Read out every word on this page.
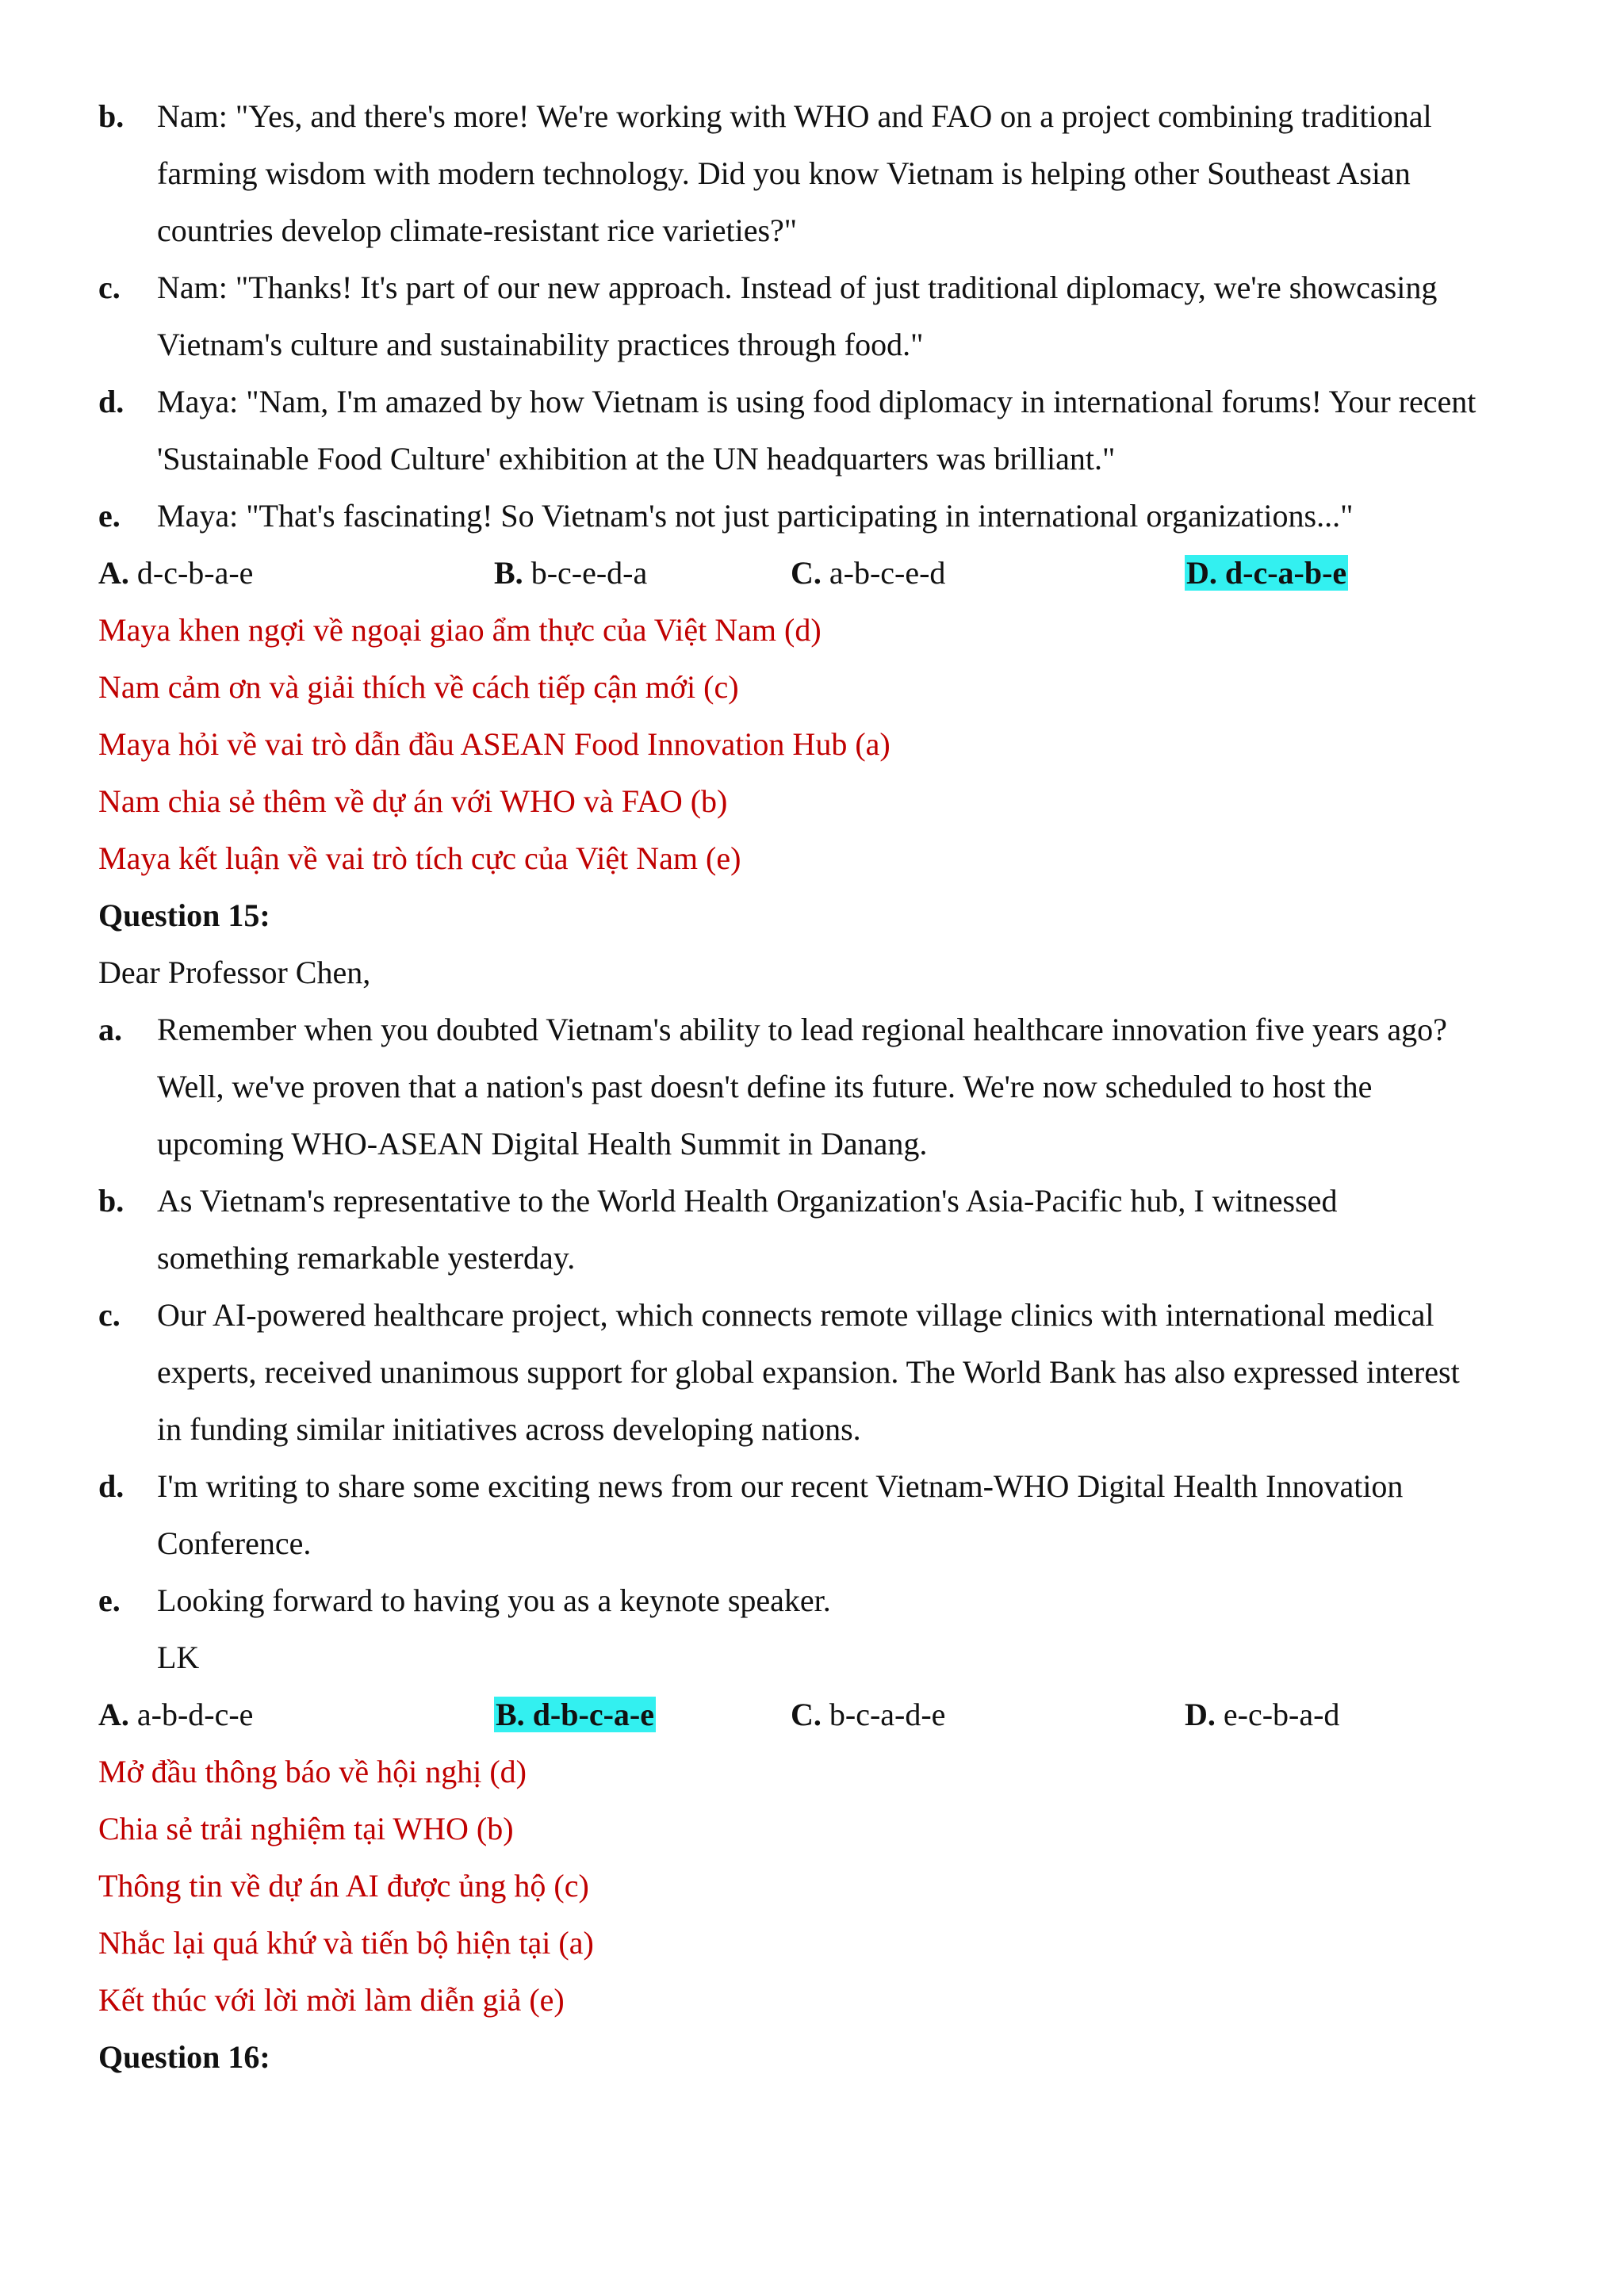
b. Nam: "Yes, and there's more! We're working with WHO and FAO on a project combining traditional
farming wisdom with modern technology. Did you know Vietnam is helping other Southeast Asian
countries develop climate-resistant rice varieties?"
c. Nam: "Thanks! It's part of our new approach. Instead of just traditional diplomacy, we're showcasing
Vietnam's culture and sustainability practices through food."
d. Maya: "Nam, I'm amazed by how Vietnam is using food diplomacy in international forums! Your recent
'Sustainable Food Culture' exhibition at the UN headquarters was brilliant."
e. Maya: "That's fascinating! So Vietnam's not just participating in international organizations..."
A. d-c-b-a-e	B. b-c-e-d-a	C. a-b-c-e-d	D. d-c-a-b-e
Maya khen ngợi về ngoại giao ẩm thực của Việt Nam (d)
Nam cảm ơn và giải thích về cách tiếp cận mới (c)
Maya hỏi về vai trò dẫn đầu ASEAN Food Innovation Hub (a)
Nam chia sẻ thêm về dự án với WHO và FAO (b)
Maya kết luận về vai trò tích cực của Việt Nam (e)
Question 15:
Dear Professor Chen,
a. Remember when you doubted Vietnam's ability to lead regional healthcare innovation five years ago?
Well, we've proven that a nation's past doesn't define its future. We're now scheduled to host the
upcoming WHO-ASEAN Digital Health Summit in Danang.
b. As Vietnam's representative to the World Health Organization's Asia-Pacific hub, I witnessed
something remarkable yesterday.
c. Our AI-powered healthcare project, which connects remote village clinics with international medical
experts, received unanimous support for global expansion. The World Bank has also expressed interest
in funding similar initiatives across developing nations.
d. I'm writing to share some exciting news from our recent Vietnam-WHO Digital Health Innovation
Conference.
e. Looking forward to having you as a keynote speaker.
LK
A. a-b-d-c-e	B. d-b-c-a-e	C. b-c-a-d-e	D. e-c-b-a-d
Mở đầu thông báo về hội nghị (d)
Chia sẻ trải nghiệm tại WHO (b)
Thông tin về dự án AI được ủng hộ (c)
Nhắc lại quá khứ và tiến bộ hiện tại (a)
Kết thúc với lời mời làm diễn giả (e)
Question 16:
